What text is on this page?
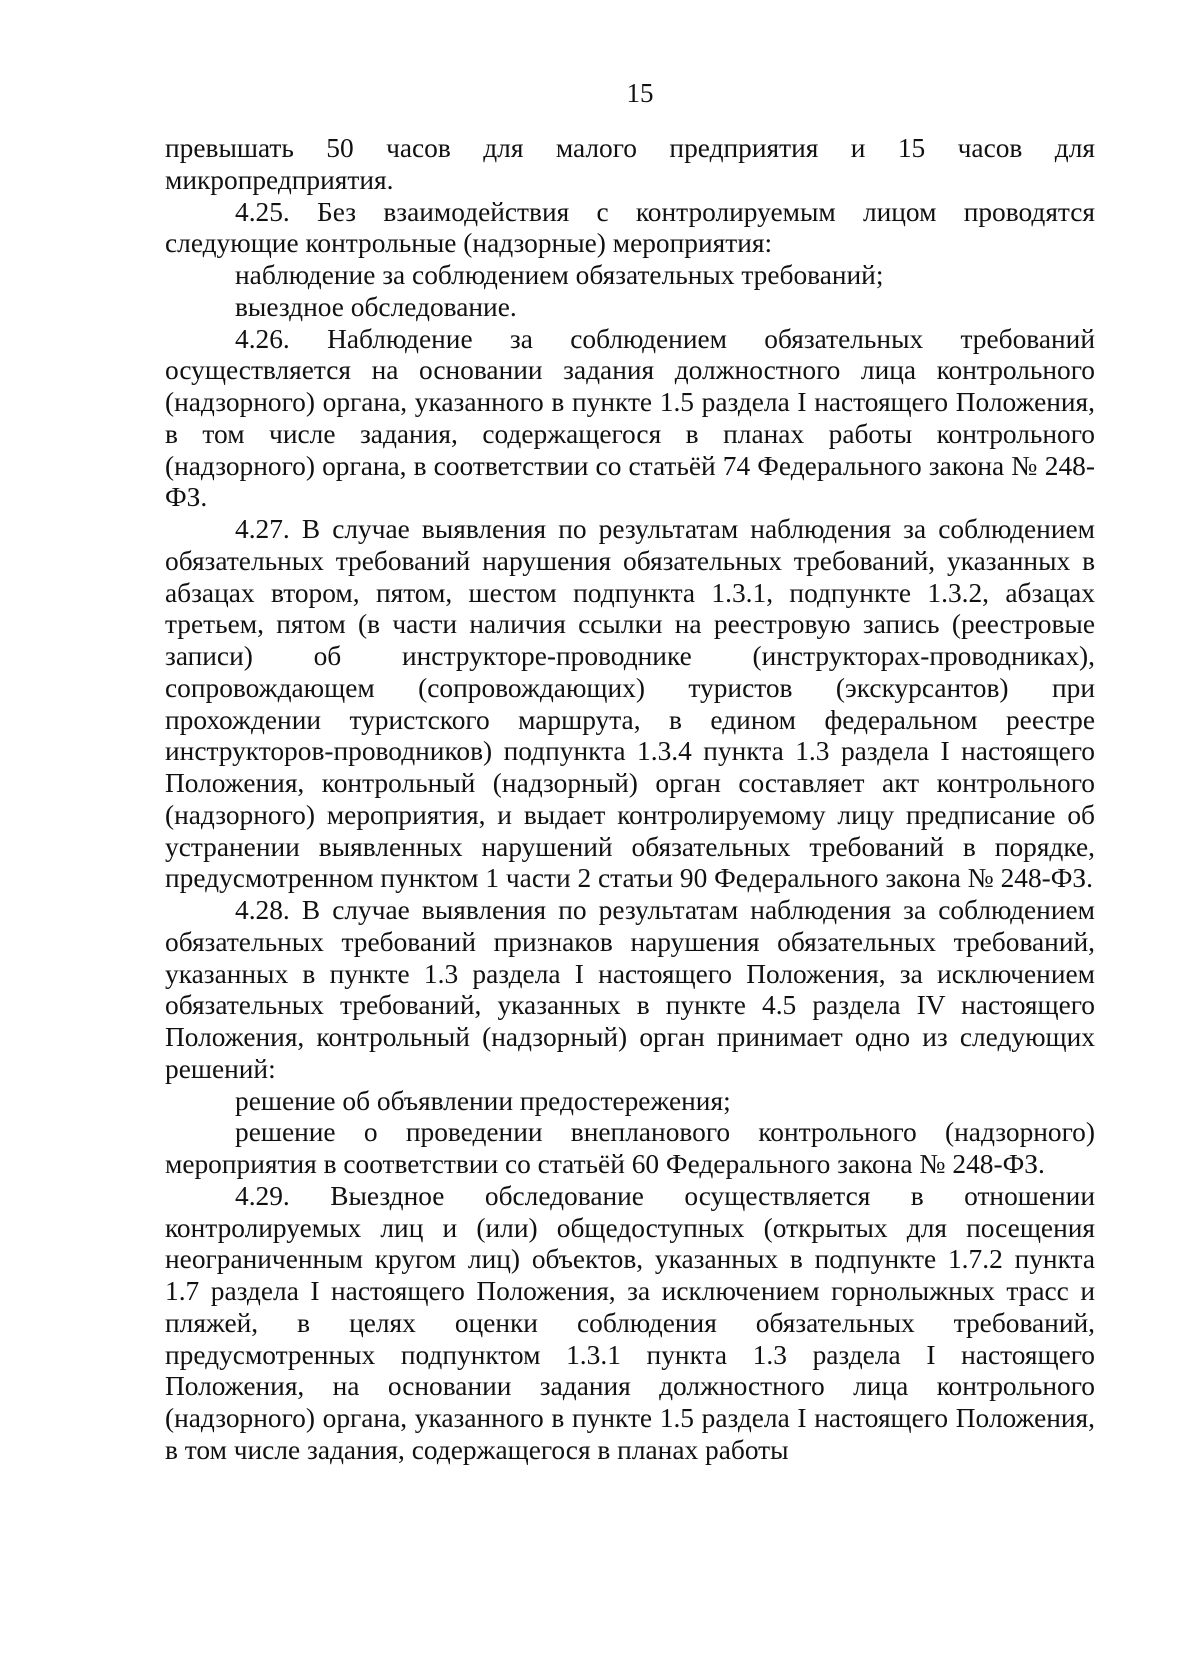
15

превышать 50 часов для малого предприятия и 15 часов для микропредприятия.

4.25. Без взаимодействия с контролируемым лицом проводятся следующие контрольные (надзорные) мероприятия:

наблюдение за соблюдением обязательных требований;

выездное обследование.

4.26. Наблюдение за соблюдением обязательных требований осуществляется на основании задания должностного лица контрольного (надзорного) органа, указанного в пункте 1.5 раздела I настоящего Положения, в том числе задания, содержащегося в планах работы контрольного (надзорного) органа, в соответствии со статьёй 74 Федерального закона № 248-ФЗ.

4.27. В случае выявления по результатам наблюдения за соблюдением обязательных требований нарушения обязательных требований, указанных в абзацах втором, пятом, шестом подпункта 1.3.1, подпункте 1.3.2, абзацах третьем, пятом (в части наличия ссылки на реестровую запись (реестровые записи) об инструкторе-проводнике (инструкторах-проводниках), сопровождающем (сопровождающих) туристов (экскурсантов) при прохождении туристского маршрута, в едином федеральном реестре инструкторов-проводников) подпункта 1.3.4 пункта 1.3 раздела I настоящего Положения, контрольный (надзорный) орган составляет акт контрольного (надзорного) мероприятия, и выдает контролируемому лицу предписание об устранении выявленных нарушений обязательных требований в порядке, предусмотренном пунктом 1 части 2 статьи 90 Федерального закона № 248-ФЗ.

4.28. В случае выявления по результатам наблюдения за соблюдением обязательных требований признаков нарушения обязательных требований, указанных в пункте 1.3 раздела I настоящего Положения, за исключением обязательных требований, указанных в пункте 4.5 раздела IV настоящего Положения, контрольный (надзорный) орган принимает одно из следующих решений:

решение об объявлении предостережения;

решение о проведении внепланового контрольного (надзорного) мероприятия в соответствии со статьёй 60 Федерального закона № 248-ФЗ.

4.29. Выездное обследование осуществляется в отношении контролируемых лиц и (или) общедоступных (открытых для посещения неограниченным кругом лиц) объектов, указанных в подпункте 1.7.2 пункта 1.7 раздела I настоящего Положения, за исключением горнолыжных трасс и пляжей, в целях оценки соблюдения обязательных требований, предусмотренных подпунктом 1.3.1 пункта 1.3 раздела I настоящего Положения, на основании задания должностного лица контрольного (надзорного) органа, указанного в пункте 1.5 раздела I настоящего Положения, в том числе задания, содержащегося в планах работы
